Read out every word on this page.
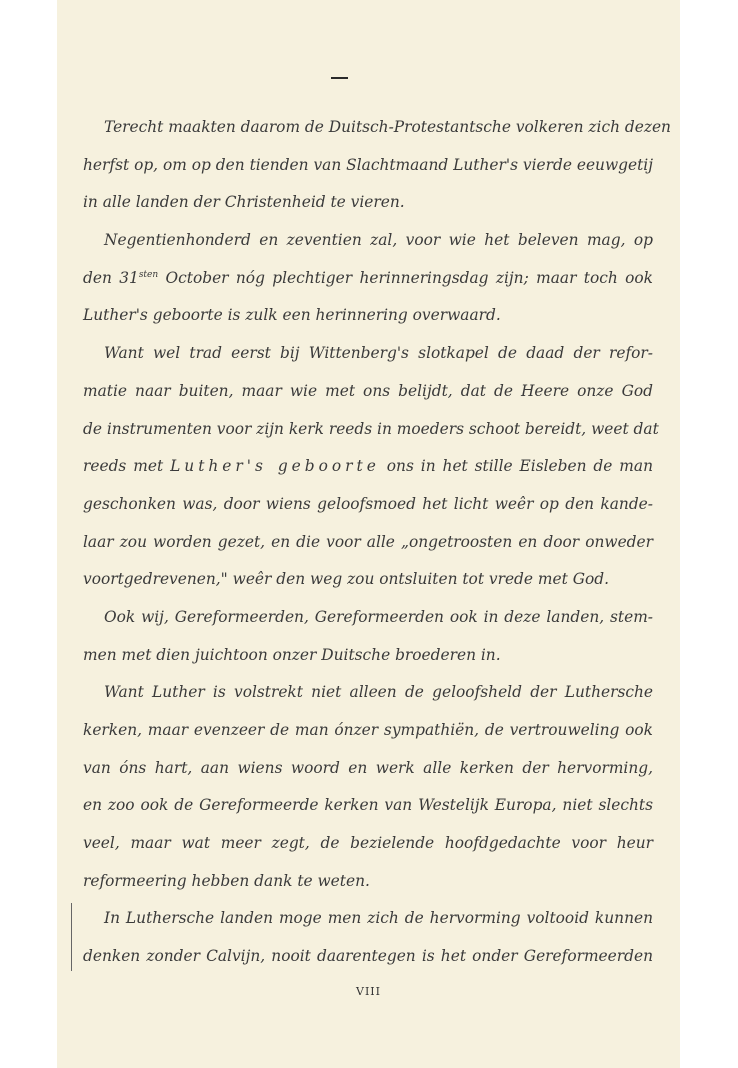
Terecht maakten daarom de Duitsch-Protestantsche volkeren zich dezen
herfst op, om op den tienden van Slachtmaand Luther's vierde eeuwgetij
in alle landen der Christenheid te vieren.
Negentienhonderd en zeventien zal, voor wie het beleven mag, op
den $31^{sten}$ October nóg plechtiger herinneringsdag zijn; maar toch ook
Luther's geboorte is zulk een herinnering overwaard.
Want wel trad eerst bij Wittenberg's slotkapel de daad der refor-
matie naar buiten, maar wie met ons belijdt, dat de Heere onze God
de instrumenten voor zijn kerk reeds in moeders schoot bereidt, weet dat
reeds met Luther's geboorte ons in het stille Eisleben de man
geschonken was, door wiens geloofsmoed het licht weêr op den kande-
laar zou worden gezet, en die voor alle „ongetroosten en door onweder
voortgedrevenen," weêr den weg zou ontsluiten tot vrede met God.
Ook wij, Gereformeerden, Gereformeerden ook in deze landen, stem-
men met dien juichtoon onzer Duitsche broederen in.
Want Luther is volstrekt niet alleen de geloofsheld der Luthersche
kerken, maar evenzeer de man ónzer sympathiën, de vertrouweling ook
van óns hart, aan wiens woord en werk alle kerken der hervorming,
en zoo ook de Gereformeerde kerken van Westelijk Europa, niet slechts
veel, maar wat meer zegt, de bezielende hoofdgedachte voor heur
reformeering hebben dank te weten.
In Luthersche landen moge men zich de hervorming voltooid kunnen
denken zonder Calvijn, nooit daarentegen is het onder Gereformeerden
VIII
